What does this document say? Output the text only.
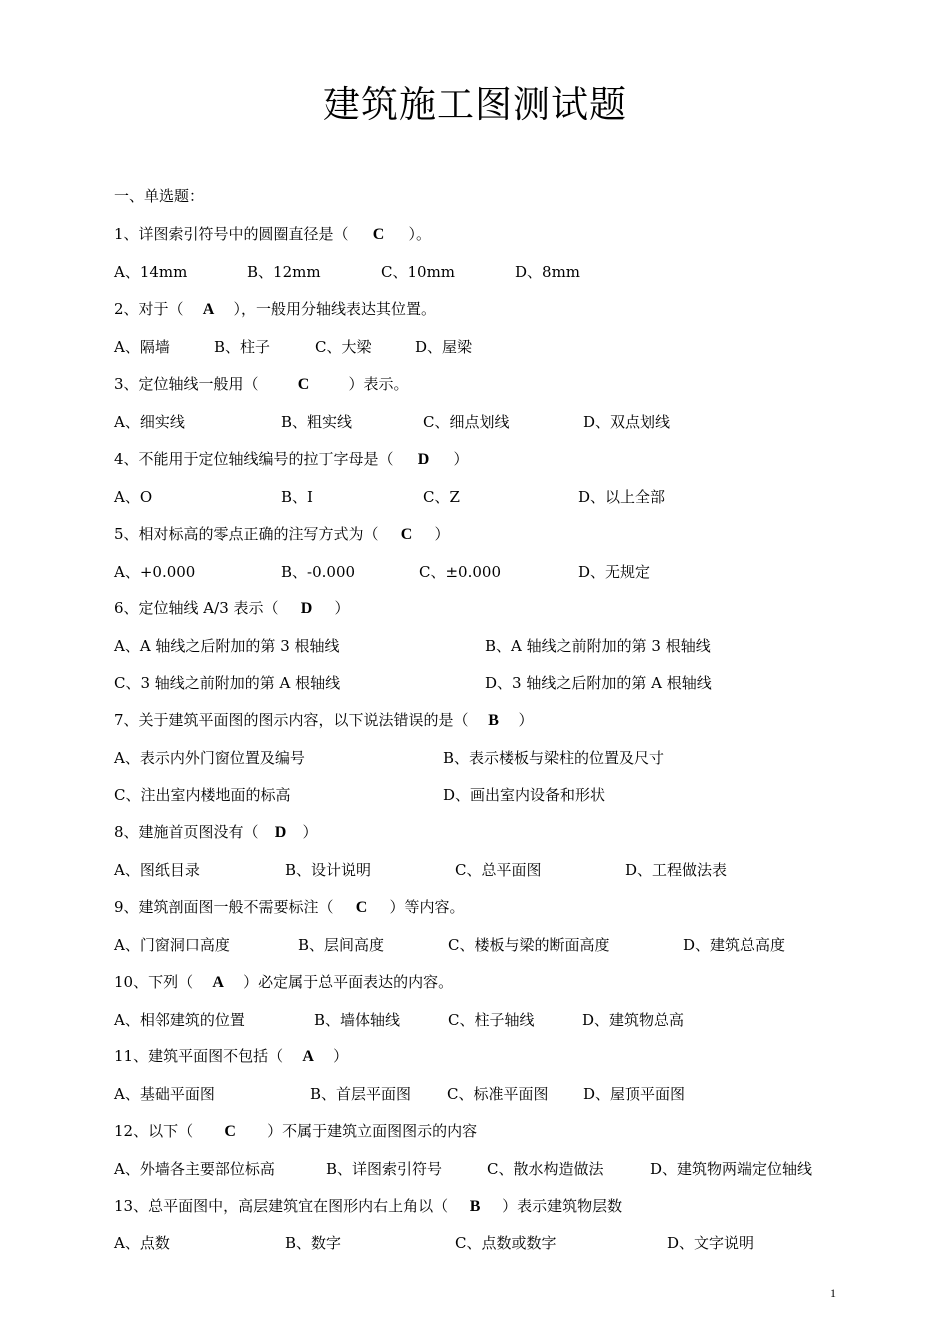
建筑施工图测试题
一、单选题：
1、详图索引符号中的圆圈直径是（ C ）。
A、14mm	B、12mm	C、10mm	D、8mm
2、对于（ A ），一般用分轴线表达其位置。
A、隔墙	B、柱子	C、大梁	D、屋梁
3、定位轴线一般用（ C	）表示。
A、细实线	B、粗实线	C、细点划线	D、双点划线
4、不能用于定位轴线编号的拉丁字母是（ D ）
A、O	B、I	C、Z	D、以上全部
5、相对标高的零点正确的注写方式为（ C ）
A、+0.000	B、-0.000	C、±0.000	D、无规定
6、定位轴线 A/3 表示（ D ）
A、A 轴线之后附加的第 3 根轴线	B、A 轴线之前附加的第 3 根轴线
C、3 轴线之前附加的第 A 根轴线	D、3 轴线之后附加的第 A 根轴线
7、关于建筑平面图的图示内容，以下说法错误的是（ B ）
A、表示内外门窗位置及编号	B、表示楼板与梁柱的位置及尺寸
C、注出室内楼地面的标高	D、画出室内设备和形状
8、建施首页图没有（ D ）
A、图纸目录	B、设计说明	C、总平面图	D、工程做法表
9、建筑剖面图一般不需要标注（ C ）等内容。
A、门窗洞口高度	B、层间高度	C、楼板与梁的断面高度	D、建筑总高度
10、下列（ A ）必定属于总平面表达的内容。
A、相邻建筑的位置	B、墙体轴线	C、柱子轴线	D、建筑物总高
11、建筑平面图不包括（ A ）
A、基础平面图	B、首层平面图 C、标准平面图 D、屋顶平面图
12、以下（ C ）不属于建筑立面图图示的内容
A、外墙各主要部位标高	B、详图索引符号	C、散水构造做法	D、建筑物两端定位轴线
13、总平面图中，高层建筑宜在图形内右上角以（ B ）表示建筑物层数
A、点数	B、数字	C、点数或数字	D、文字说明
1
